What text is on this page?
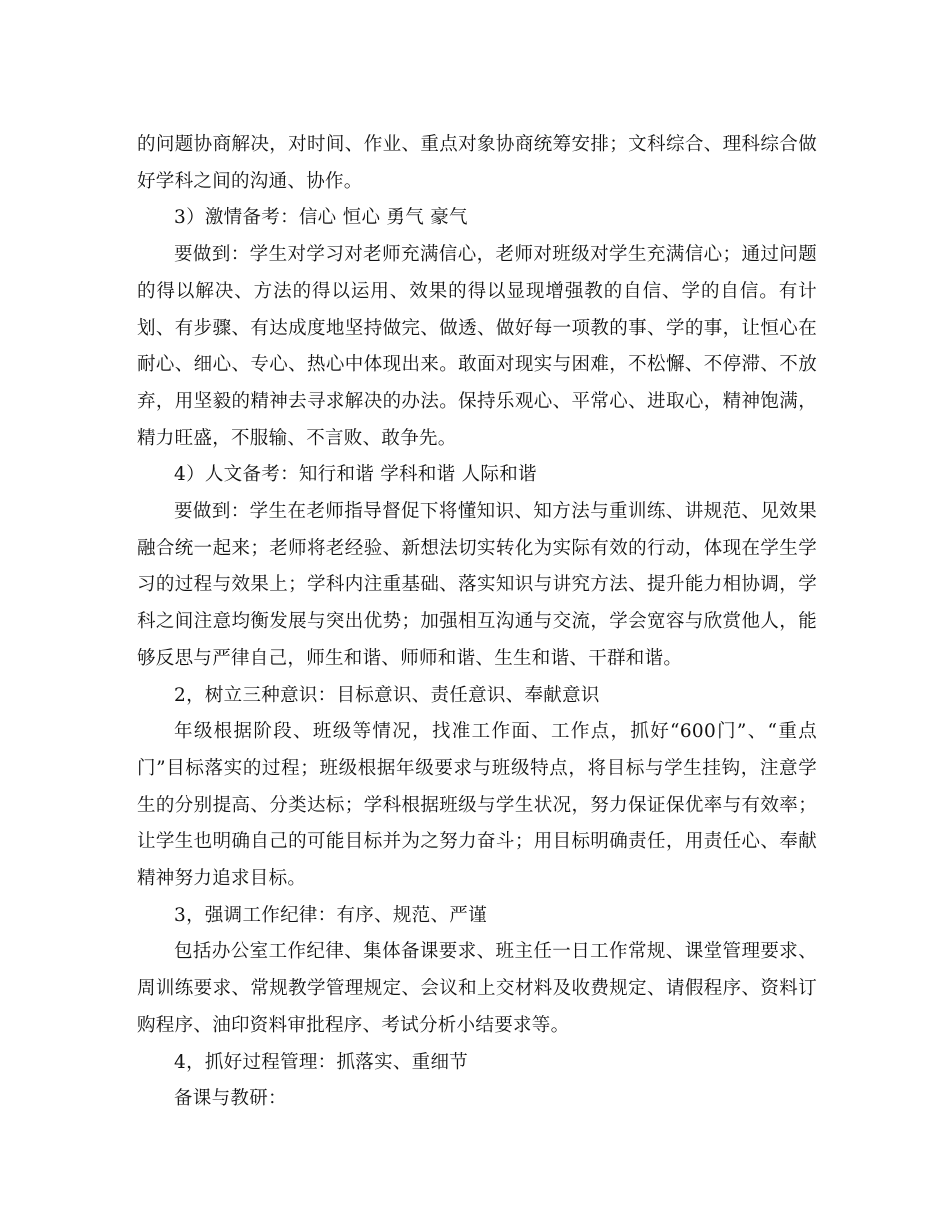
的问题协商解决，对时间、作业、重点对象协商统筹安排；文科综合、理科综合做好学科之间的沟通、协作。

3）激情备考：信心 恒心 勇气 豪气

要做到：学生对学习对老师充满信心，老师对班级对学生充满信心；通过问题的得以解决、方法的得以运用、效果的得以显现增强教的自信、学的自信。有计划、有步骤、有达成度地坚持做完、做透、做好每一项教的事、学的事，让恒心在耐心、细心、专心、热心中体现出来。敢面对现实与困难，不松懈、不停滞、不放弃，用坚毅的精神去寻求解决的办法。保持乐观心、平常心、进取心，精神饱满，精力旺盛，不服输、不言败、敢争先。

4）人文备考：知行和谐 学科和谐 人际和谐

要做到：学生在老师指导督促下将懂知识、知方法与重训练、讲规范、见效果融合统一起来；老师将老经验、新想法切实转化为实际有效的行动，体现在学生学习的过程与效果上；学科内注重基础、落实知识与讲究方法、提升能力相协调，学科之间注意均衡发展与突出优势；加强相互沟通与交流，学会宽容与欣赏他人，能够反思与严律自己，师生和谐、师师和谐、生生和谐、干群和谐。

2，树立三种意识：目标意识、责任意识、奉献意识

年级根据阶段、班级等情况，找准工作面、工作点，抓好“600门”、“重点门”目标落实的过程；班级根据年级要求与班级特点，将目标与学生挂钩，注意学生的分别提高、分类达标；学科根据班级与学生状况，努力保证保优率与有效率；让学生也明确自己的可能目标并为之努力奋斗；用目标明确责任，用责任心、奉献精神努力追求目标。

3，强调工作纪律：有序、规范、严谨

包括办公室工作纪律、集体备课要求、班主任一日工作常规、课堂管理要求、周训练要求、常规教学管理规定、会议和上交材料及收费规定、请假程序、资料订购程序、油印资料审批程序、考试分析小结要求等。

4，抓好过程管理：抓落实、重细节

备课与教研：
